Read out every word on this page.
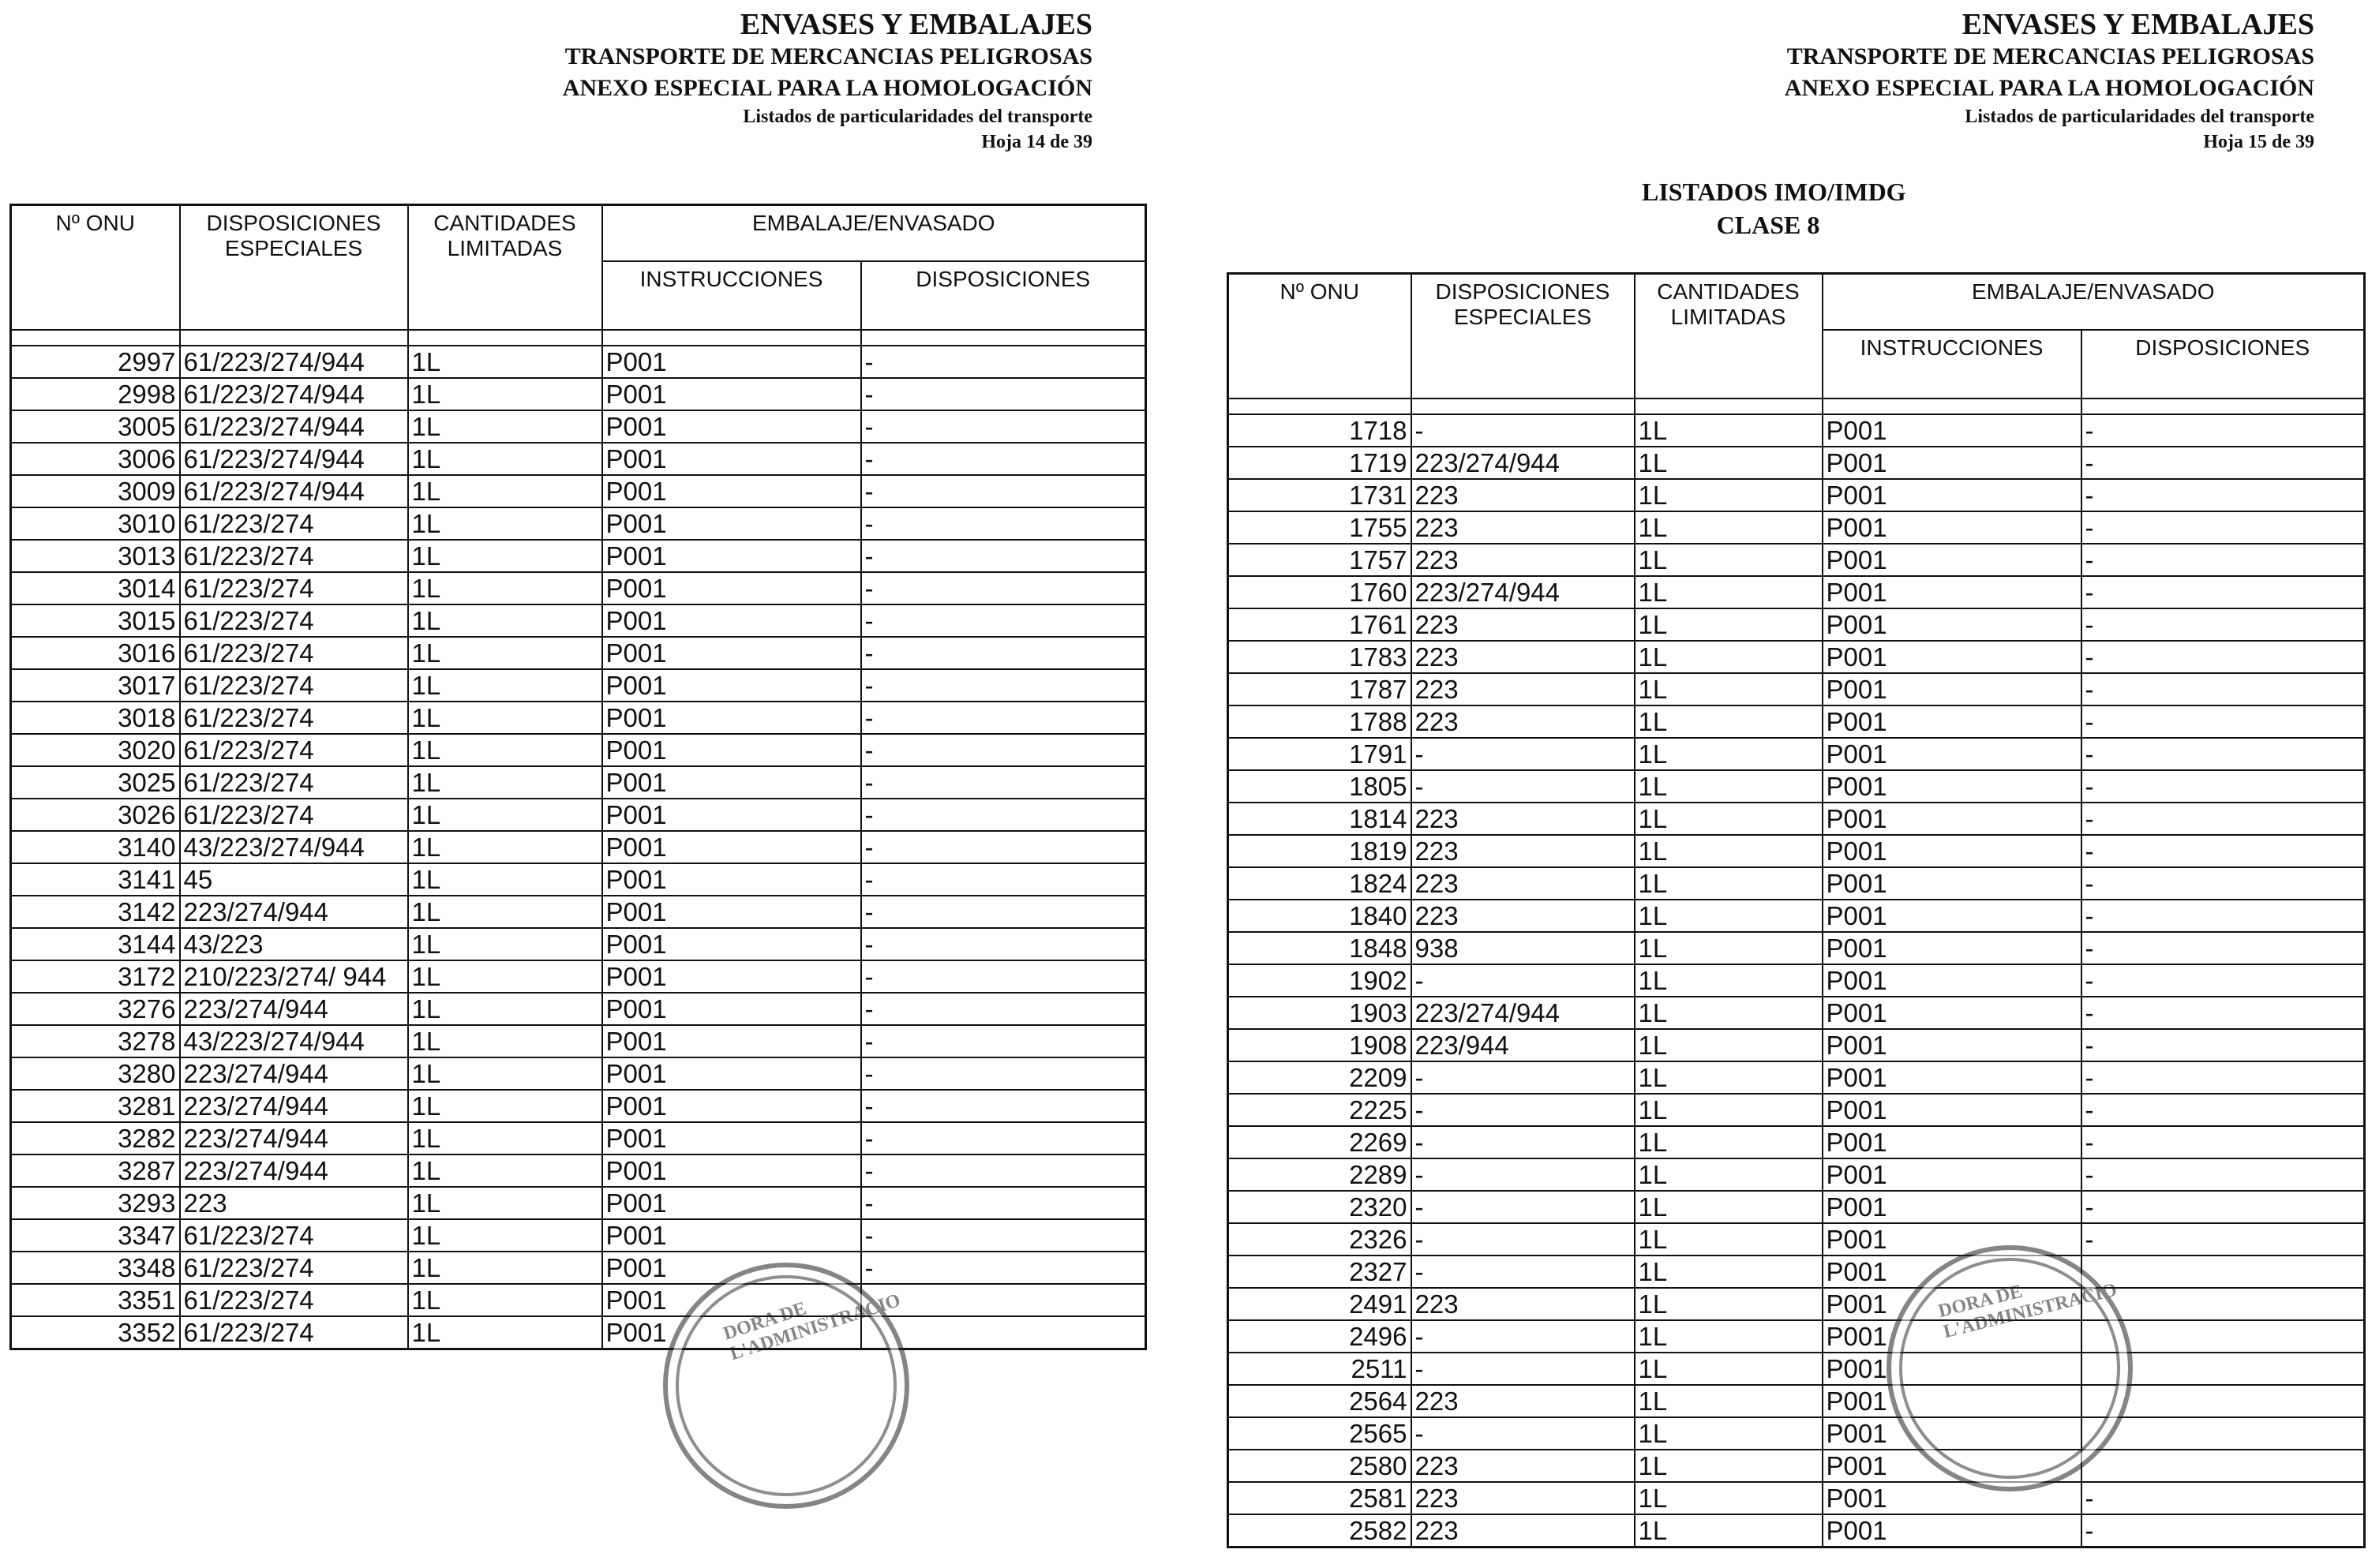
ENVASES Y EMBALAJES
TRANSPORTE DE MERCANCIAS PELIGROSAS
ANEXO ESPECIAL PARA LA HOMOLOGACIÓN
Listados de particularidades del transporte
Hoja 14 de 39
Nº ONU	DISPOSICIONES ESPECIALES	CANTIDADES LIMITADAS	EMBALAJE/ENVASADO	
			INSTRUCCIONES	DISPOSICIONES

2997	61/223/274/944	1L	P001	-
2998	61/223/274/944	1L	P001	-
3005	61/223/274/944	1L	P001	-
3006	61/223/274/944	1L	P001	-
3009	61/223/274/944	1L	P001	-
3010	61/223/274	1L	P001	-
3013	61/223/274	1L	P001	-
3014	61/223/274	1L	P001	-
3015	61/223/274	1L	P001	-
3016	61/223/274	1L	P001	-
3017	61/223/274	1L	P001	-
3018	61/223/274	1L	P001	-
3020	61/223/274	1L	P001	-
3025	61/223/274	1L	P001	-
3026	61/223/274	1L	P001	-
3140	43/223/274/944	1L	P001	-
3141	45	1L	P001	-
3142	223/274/944	1L	P001	-
3144	43/223	1L	P001	-
3172	210/223/274/ 944	1L	P001	-
3276	223/274/944	1L	P001	-
3278	43/223/274/944	1L	P001	-
3280	223/274/944	1L	P001	-
3281	223/274/944	1L	P001	-
3282	223/274/944	1L	P001	-
3287	223/274/944	1L	P001	-
3293	223	1L	P001	-
3347	61/223/274	1L	P001	-
3348	61/223/274	1L	P001	-
3351	61/223/274	1L	P001	
3352	61/223/274	1L	P001		DORA DE L'ADMINISTRACIO
ENVASES Y EMBALAJES
TRANSPORTE DE MERCANCIAS PELIGROSAS
ANEXO ESPECIAL PARA LA HOMOLOGACIÓN
Listados de particularidades del transporte
Hoja 15 de 39
LISTADOS IMO/IMDG
CLASE 8
Nº ONU	DISPOSICIONES ESPECIALES	CANTIDADES LIMITADAS	EMBALAJE/ENVASADO	
			INSTRUCCIONES	DISPOSICIONES

1718	-	1L	P001	-
1719	223/274/944	1L	P001	-
1731	223	1L	P001	-
1755	223	1L	P001	-
1757	223	1L	P001	-
1760	223/274/944	1L	P001	-
1761	223	1L	P001	-
1783	223	1L	P001	-
1787	223	1L	P001	-
1788	223	1L	P001	-
1791	-	1L	P001	-
1805	-	1L	P001	-
1814	223	1L	P001	-
1819	223	1L	P001	-
1824	223	1L	P001	-
1840	223	1L	P001	-
1848	938	1L	P001	-
1902	-	1L	P001	-
1903	223/274/944	1L	P001	-
1908	223/944	1L	P001	-
2209	-	1L	P001	-
2225	-	1L	P001	-
2269	-	1L	P001	-
2289	-	1L	P001	-
2320	-	1L	P001	-
2326	-	1L	P001	-
2327	-	1L	P001	
2491	223	1L	P001	
2496	-	1L	P001	
2511	-	1L	P001	
2564	223	1L	P001	
2565	-	1L	P001	
2580	223	1L	P001	
2581	223	1L	P001	-
2582	223	1L	P001	-
DORA DE L'ADMINISTRACIO
